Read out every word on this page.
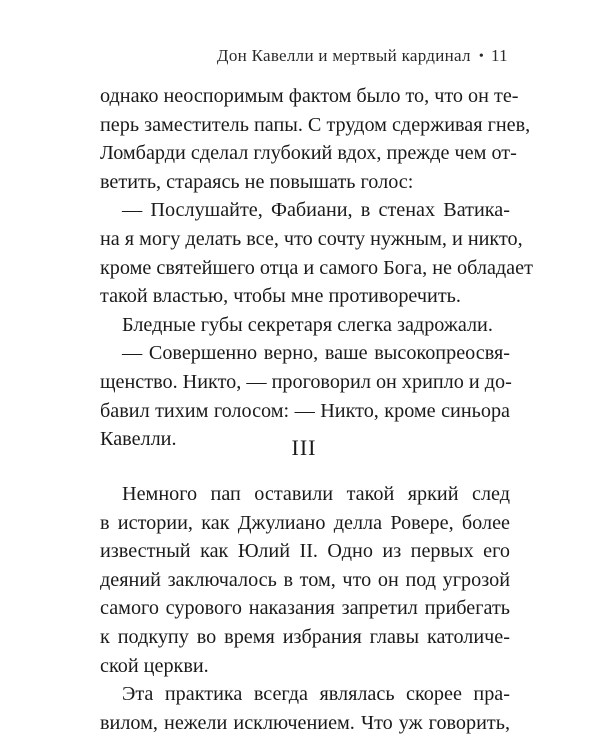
Дон Кавелли и мертвый кардинал • 11
однако неоспоримым фактом было то, что он те-
перь заместитель папы. С трудом сдерживая гнев,
Ломбарди сделал глубокий вдох, прежде чем от-
ветить, стараясь не повышать голос:
— Послушайте, Фабиани, в стенах Ватика-
на я могу делать все, что сочту нужным, и никто,
кроме святейшего отца и самого Бога, не обладает
такой властью, чтобы мне противоречить.
Бледные губы секретаря слегка задрожали.
— Совершенно верно, ваше высокопреосвя-
щенство. Никто, — проговорил он хрипло и до-
бавил тихим голосом: — Никто, кроме синьора
Кавелли.	III
Немного пап оставили такой яркий след
в истории, как Джулиано делла Ровере, более
известный как Юлий II. Одно из первых его
деяний заключалось в том, что он под угрозой
самого сурового наказания запретил прибегать
к подкупу во время избрания главы католиче-
ской церкви.
Эта практика всегда являлась скорее пра-
вилом, нежели исключением. Что уж говорить,
